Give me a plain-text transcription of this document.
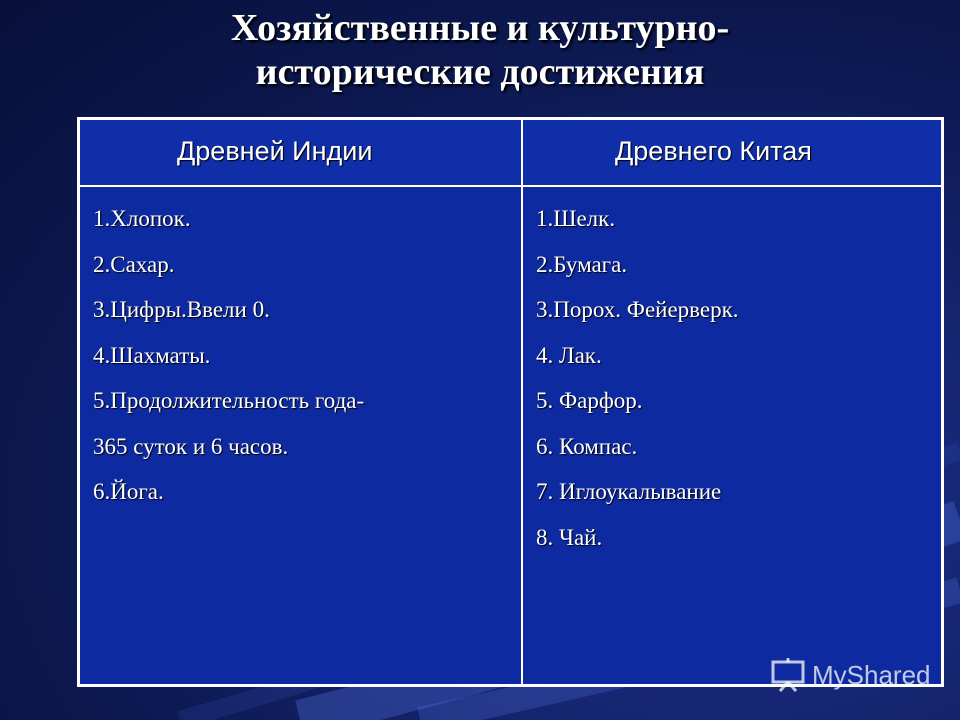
Хозяйственные и культурно-
исторические достижения
Древней Индии	Древнего Китая
1.Хлопок.
2.Сахар.
3.Цифры.Ввели 0.
4.Шахматы.
5.Продолжительность года-
365 суток и 6 часов.
6.Йога.
1.Шелк.
2.Бумага.
3.Порох. Фейерверк.
4. Лак.
5. Фарфор.
6. Компас.
7. Иглоукалывание
8. Чай.
MyShared
